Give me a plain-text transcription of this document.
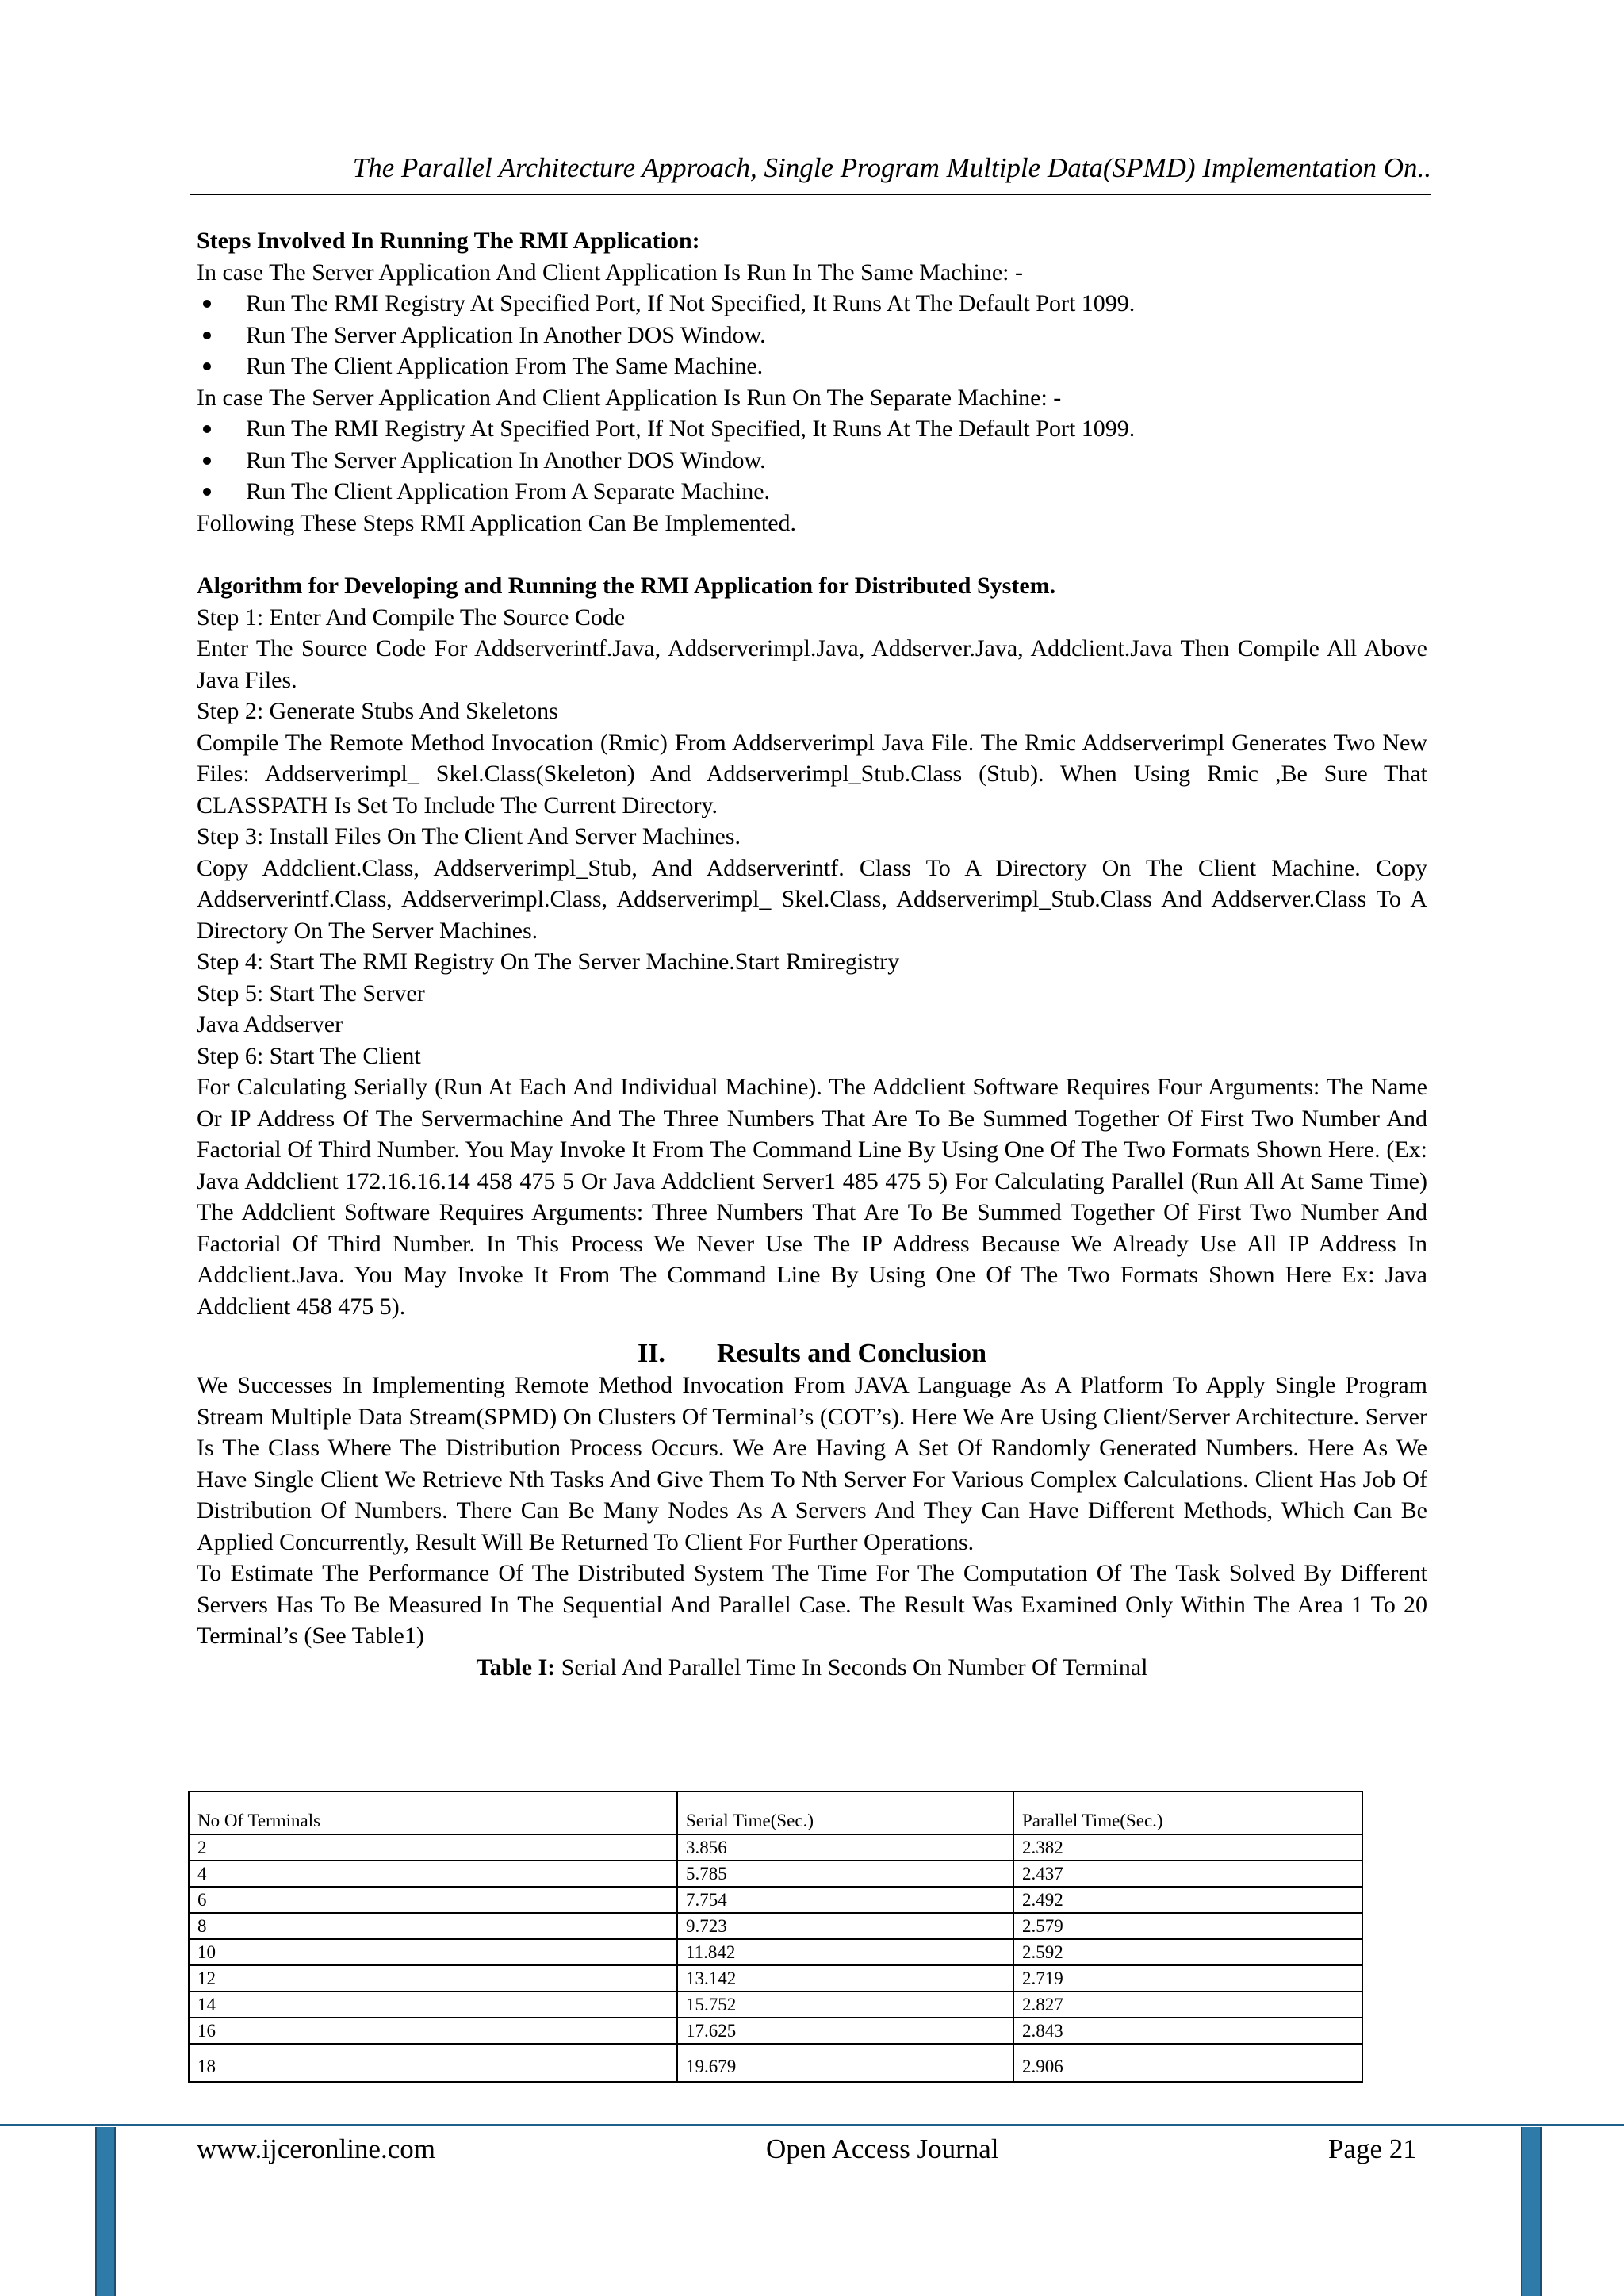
The Parallel Architecture Approach, Single Program Multiple Data(SPMD) Implementation On..

Steps Involved In Running The RMI Application:

In case The Server Application And Client Application Is Run In The Same Machine: -

Run The RMI Registry At Specified Port, If Not Specified, It Runs At The Default Port 1099.
Run The Server Application In Another DOS Window.
Run The Client Application From The Same Machine.

In case The Server Application And Client Application Is Run On The Separate Machine: -

Run The RMI Registry At Specified Port, If Not Specified, It Runs At The Default Port 1099.
Run The Server Application In Another DOS Window.
Run The Client Application From A Separate Machine.

Following These Steps RMI Application Can Be Implemented.

Algorithm for Developing and Running the RMI Application for Distributed System.

Step 1: Enter And Compile The Source Code

Enter The Source Code For Addserverintf.Java, Addserverimpl.Java, Addserver.Java, Addclient.Java Then Compile All Above Java Files.

Step 2: Generate Stubs And Skeletons

Compile The Remote Method Invocation (Rmic) From Addserverimpl Java File. The Rmic Addserverimpl Generates Two New Files: Addserverimpl_ Skel.Class(Skeleton) And Addserverimpl_Stub.Class (Stub). When Using Rmic ,Be Sure That CLASSPATH Is Set To Include The Current Directory.

Step 3: Install Files On The Client And Server Machines.

Copy Addclient.Class, Addserverimpl_Stub, And Addserverintf. Class To A Directory On The Client Machine. Copy Addserverintf.Class, Addserverimpl.Class, Addserverimpl_ Skel.Class, Addserverimpl_Stub.Class And Addserver.Class To A Directory On The Server Machines.

Step 4: Start The RMI Registry On The Server Machine.Start Rmiregistry

Step 5: Start The Server

Java Addserver

Step 6: Start The Client

For Calculating Serially (Run At Each And Individual Machine). The Addclient Software Requires Four Arguments: The Name Or IP Address Of The Servermachine And The Three Numbers That Are To Be Summed Together Of First Two Number And Factorial Of Third Number. You May Invoke It From The Command Line By Using One Of The Two Formats Shown Here. (Ex: Java Addclient 172.16.16.14 458 475 5 Or Java Addclient Server1 485 475 5) For Calculating Parallel (Run All At Same Time) The Addclient Software Requires Arguments: Three Numbers That Are To Be Summed Together Of First Two Number And Factorial Of Third Number. In This Process We Never Use The IP Address Because We Already Use All IP Address In Addclient.Java. You May Invoke It From The Command Line By Using One Of The Two Formats Shown Here Ex: Java Addclient 458 475 5).

II. Results and Conclusion

We Successes In Implementing Remote Method Invocation From JAVA Language As A Platform To Apply Single Program Stream Multiple Data Stream(SPMD) On Clusters Of Terminal’s (COT’s). Here We Are Using Client/Server Architecture. Server Is The Class Where The Distribution Process Occurs. We Are Having A Set Of Randomly Generated Numbers. Here As We Have Single Client We Retrieve Nth Tasks And Give Them To Nth Server For Various Complex Calculations. Client Has Job Of Distribution Of Numbers. There Can Be Many Nodes As A Servers And They Can Have Different Methods, Which Can Be Applied Concurrently, Result Will Be Returned To Client For Further Operations.

To Estimate The Performance Of The Distributed System The Time For The Computation Of The Task Solved By Different Servers Has To Be Measured In The Sequential And Parallel Case. The Result Was Examined Only Within The Area 1 To 20 Terminal’s (See Table1)

Table I: Serial And Parallel Time In Seconds On Number Of Terminal

No Of Terminals	Serial Time(Sec.)	Parallel Time(Sec.)
2	3.856	2.382
4	5.785	2.437
6	7.754	2.492
8	9.723	2.579
10	11.842	2.592
12	13.142	2.719
14	15.752	2.827
16	17.625	2.843
18	19.679	2.906
www.ijceronline.com	Open Access Journal	Page 21
